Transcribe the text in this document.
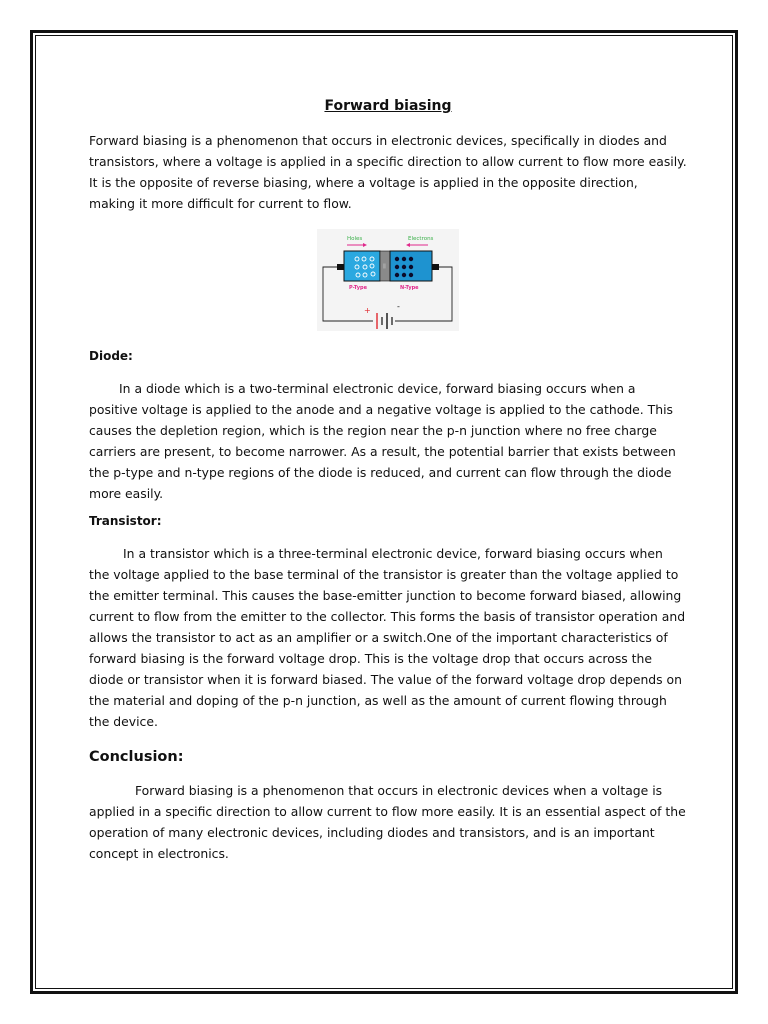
Forward biasing

Forward biasing is a phenomenon that occurs in electronic devices, specifically in diodes and transistors, where a voltage is applied in a specific direction to allow current to flow more easily. It is the opposite of reverse biasing, where a voltage is applied in the opposite direction, making it more difficult for current to flow.

Holes	Electrons
|||||
P-Type	N-Type
+	-
Diode:

In a diode which is a two-terminal electronic device, forward biasing occurs when a positive voltage is applied to the anode and a negative voltage is applied to the cathode. This causes the depletion region, which is the region near the p-n junction where no free charge carriers are present, to become narrower. As a result, the potential barrier that exists between the p-type and n-type regions of the diode is reduced, and current can flow through the diode more easily.

Transistor:

In a transistor which is a three-terminal electronic device, forward biasing occurs when the voltage applied to the base terminal of the transistor is greater than the voltage applied to the emitter terminal. This causes the base-emitter junction to become forward biased, allowing current to flow from the emitter to the collector. This forms the basis of transistor operation and allows the transistor to act as an amplifier or a switch.One of the important characteristics of forward biasing is the forward voltage drop. This is the voltage drop that occurs across the diode or transistor when it is forward biased. The value of the forward voltage drop depends on the material and doping of the p-n junction, as well as the amount of current flowing through the device.

Conclusion:

Forward biasing is a phenomenon that occurs in electronic devices when a voltage is applied in a specific direction to allow current to flow more easily. It is an essential aspect of the operation of many electronic devices, including diodes and transistors, and is an important concept in electronics.
